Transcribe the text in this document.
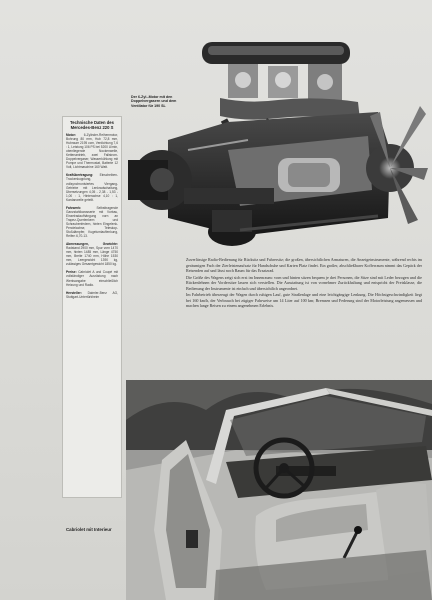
Der 6-Zyl.-Motor mit den Doppelvergasern und dem Ventilator für 190 SL
Technische Daten des Mercedes-Benz 220 S

Motor: 6-Zylinder-Reihenmotor, Bohrung 80 mm, Hub 72,8 mm, Hubraum 2195 ccm, Verdichtung 7,6 : 1, Leistung 106 PS bei 5200 U/min, obenliegende Nockenwelle, Kettenantrieb, zwei Fallstrom-Doppelvergaser, Wasserkühlung mit Pumpe und Thermostat, Batterie 12 Volt, Lichtmaschine 160 Watt.

Kraftübertragung: Einscheiben-Trockenkupplung, vollsynchronisiertes Viergang-Getriebe mit Lenkradschaltung, Übersetzungen 4,05 - 2,38 - 1,53 - 1,00 : 1, Hinterachse 4,10 : 1, Kardanwelle geteilt.

Fahrwerk:	Selbsttragende Ganzstahlkarosserie mit Vorbau, Einzelradaufhängung vorn an Trapez-Querlenkern und Schraubenfedern, hinten Eingelenk-Pendelachse, Teleskop-Stoßdämpfer, Kugelumlauflenkung, Reifen 6,70-13.

Abmessungen, Gewichte: Radstand 2900 mm, Spur vorn 1470 mm, hinten 1485 mm, Länge 4750 mm, Breite 1740 mm, Höhe 1530 mm, Leergewicht 1390 kg, zulässiges Gesamtgewicht 1850 kg.

Preise: Cabriolet A und Coupé mit vollständiger Ausrüstung nach Werksangabe einschließlich Heizung und Radio.

Hersteller: Daimler-Benz AG, Stuttgart-Untertürkheim

Zuverlässige Radio-Bedienung für Rücksitz und Fahrersitz; die großen, übersichtlichen Armaturen, die Anzeigeinstrumente, während rechts im geräumigen Fach der Zierleistenaufsatz für Handschuhe und Karten Platz findet. Ein großer, abschließbarer Kofferraum nimmt das Gepäck der Reisenden auf und lässt noch Raum für das Ersatzrad.

Die Größe des Wagens zeigt sich erst im Innenraum: vorn und hinten sitzen bequem je drei Personen, die Sitze sind mit Leder bezogen und die Rückenlehnen der Vordersitze lassen sich verstellen. Die Ausstattung ist von vornehmer Zurückhaltung und entspricht der Preisklasse, die Bedienung der Instrumente ist einfach und übersichtlich angeordnet.

Im Fahrbetrieb überzeugt der Wagen durch ruhigen Lauf, gute Straßenlage und eine leichtgängige Lenkung. Die Höchstgeschwindigkeit liegt bei 160 km/h, der Verbrauch bei zügiger Fahrweise um 14 Liter auf 100 km; Bremsen und Federung sind der Motorleistung angemessen und machen lange Reisen zu einem angenehmen Erlebnis.

Cabriolet mit Interieur
